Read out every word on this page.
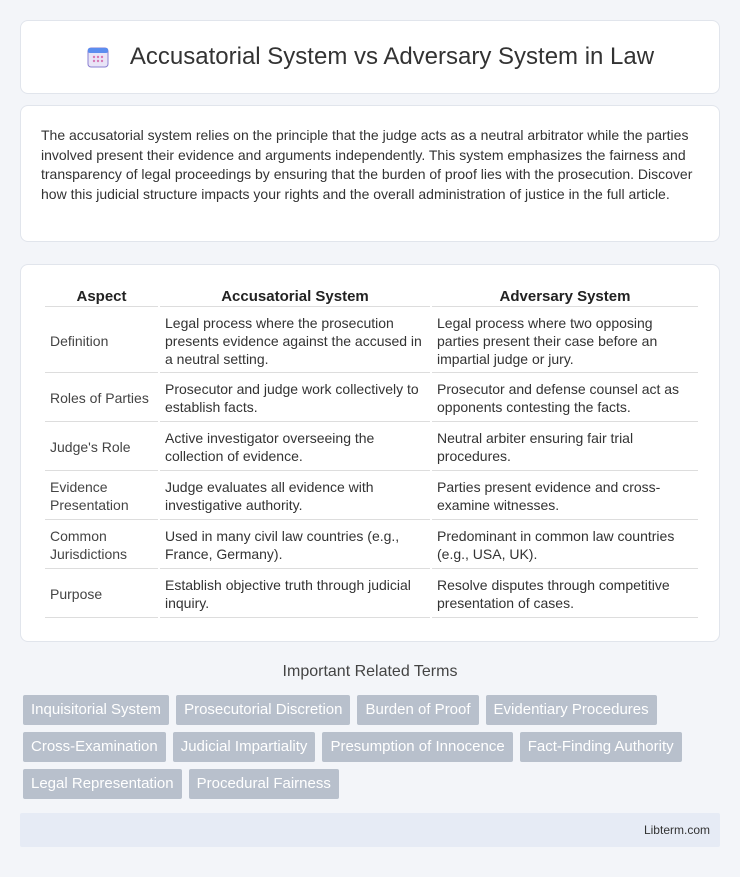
Accusatorial System vs Adversary System in Law

The accusatorial system relies on the principle that the judge acts as a neutral arbitrator while the parties involved present their evidence and arguments independently. This system emphasizes the fairness and transparency of legal proceedings by ensuring that the burden of proof lies with the prosecution. Discover how this judicial structure impacts your rights and the overall administration of justice in the full article.

Aspect	Accusatorial System	Adversary System
Definition	Legal process where the prosecution presents evidence against the accused in a neutral setting.	Legal process where two opposing parties present their case before an impartial judge or jury.
Roles of Parties	Prosecutor and judge work collectively to establish facts.	Prosecutor and defense counsel act as opponents contesting the facts.
Judge's Role	Active investigator overseeing the collection of evidence.	Neutral arbiter ensuring fair trial procedures.
Evidence Presentation	Judge evaluates all evidence with investigative authority.	Parties present evidence and cross-examine witnesses.
Common Jurisdictions	Used in many civil law countries (e.g., France, Germany).	Predominant in common law countries (e.g., USA, UK).
Purpose	Establish objective truth through judicial inquiry.	Resolve disputes through competitive presentation of cases.
Important Related Terms
Inquisitorial System	Prosecutorial Discretion	Burden of Proof	Evidentiary Procedures
Cross-Examination	Judicial Impartiality	Presumption of Innocence	Fact-Finding Authority
Legal Representation	Procedural Fairness
Libterm.com
